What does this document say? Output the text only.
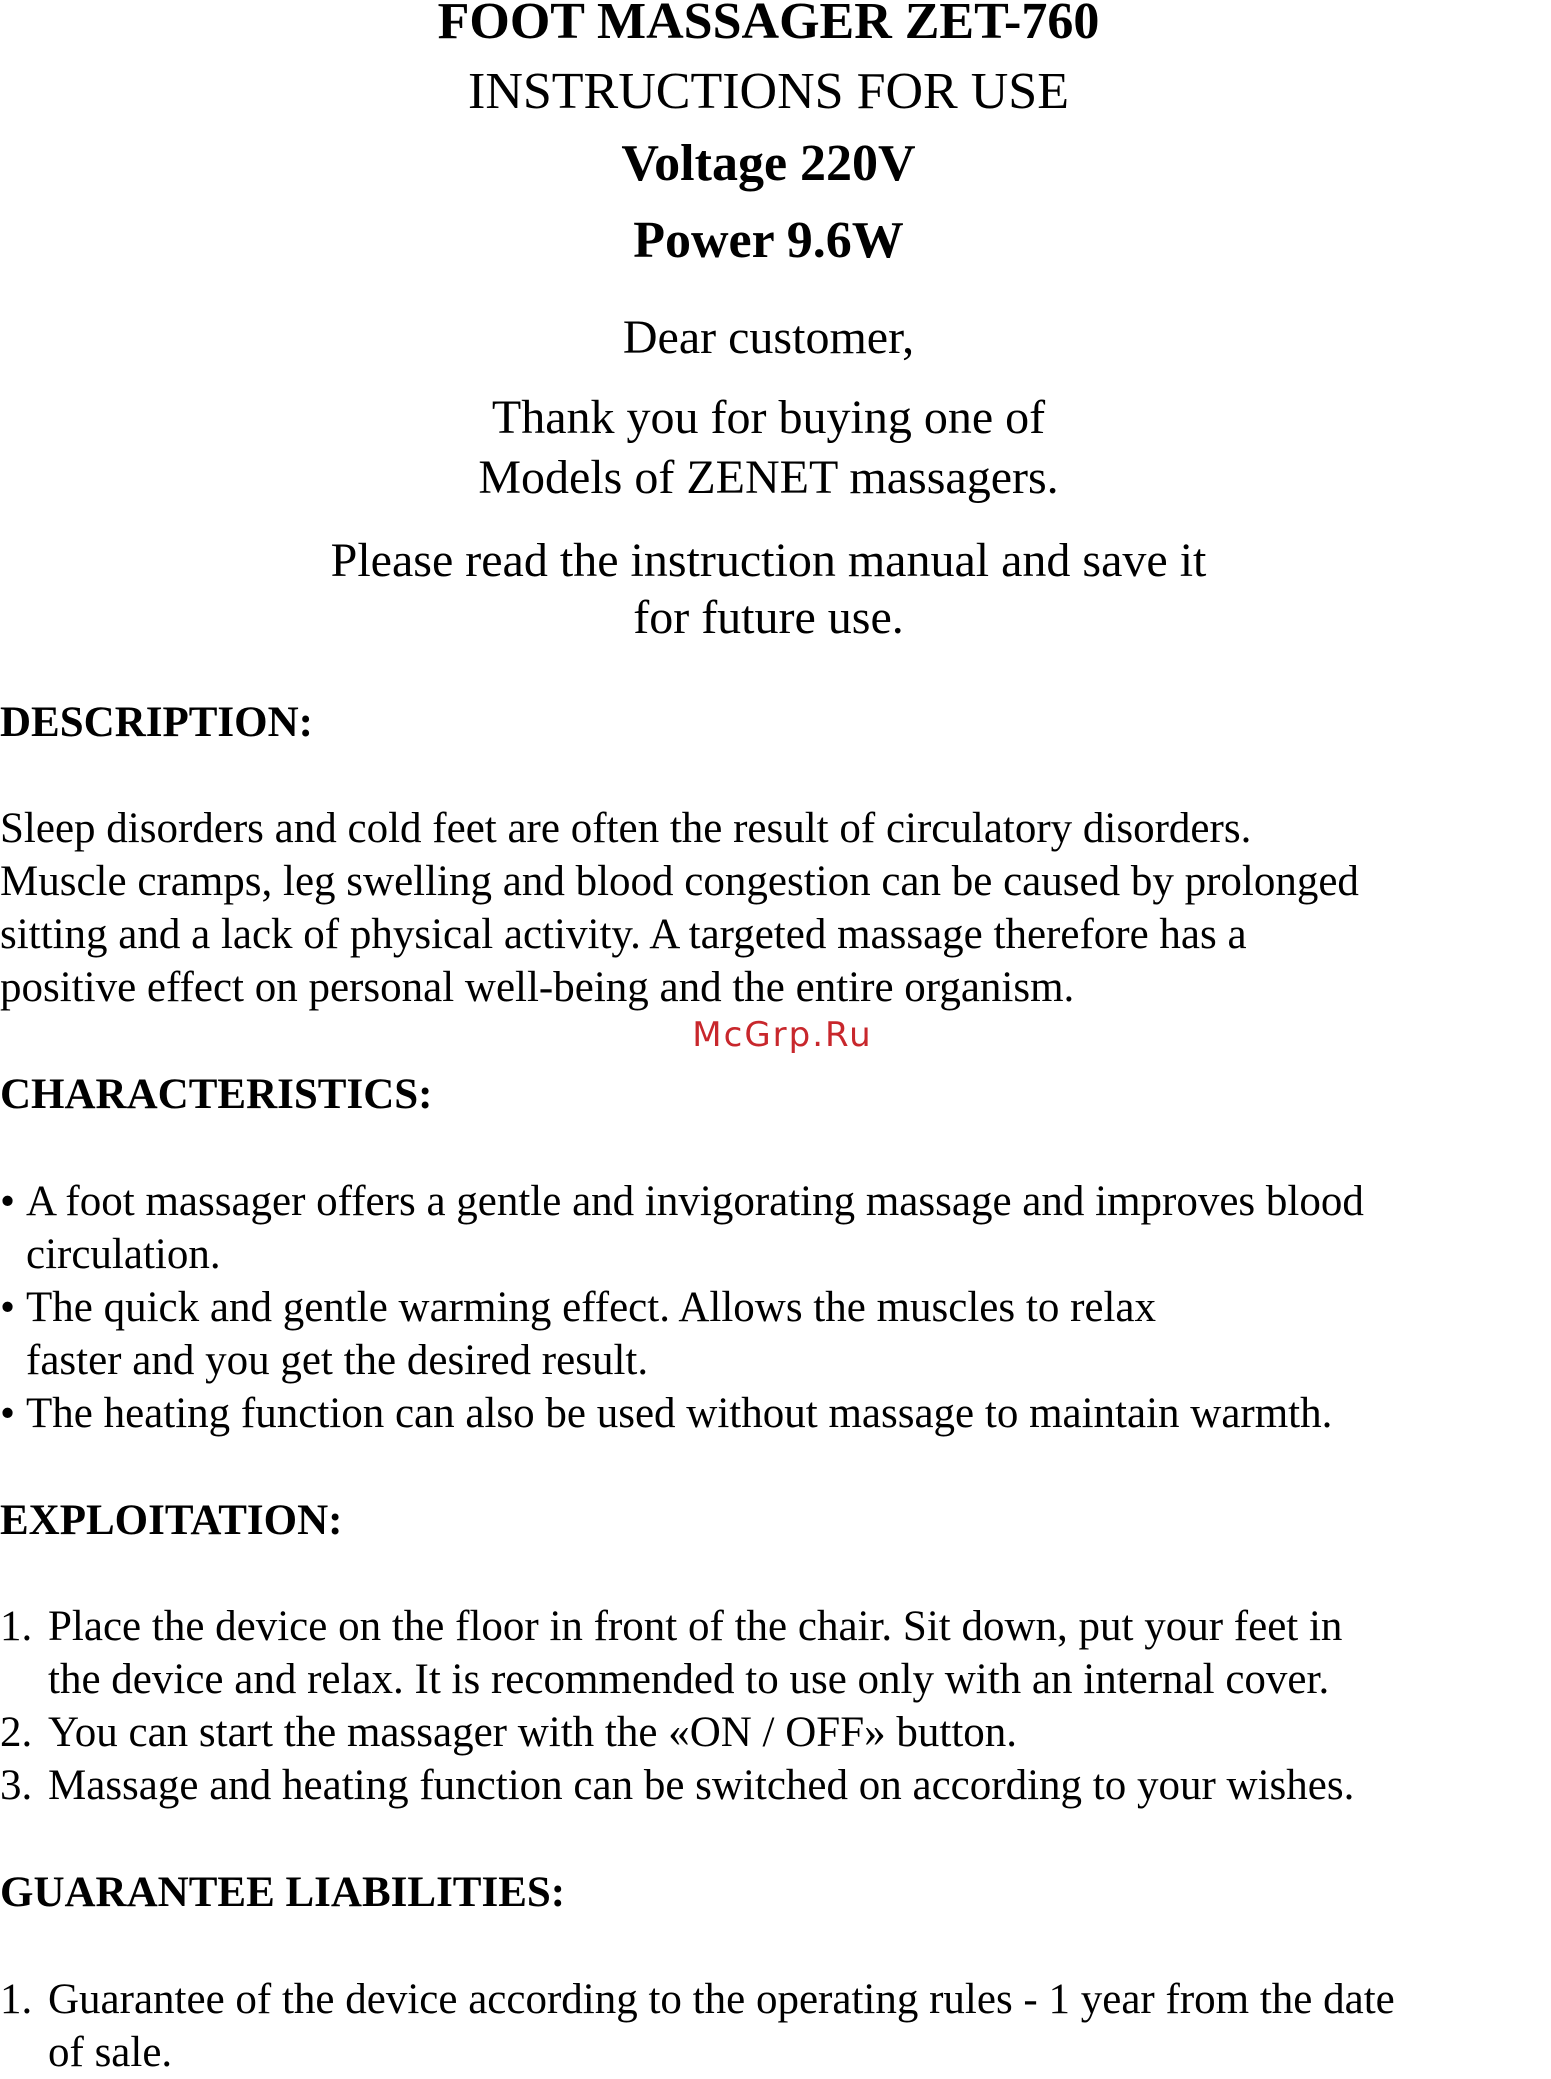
FOOT MASSAGER ZET-760
INSTRUCTIONS FOR USE
Voltage 220V
Power 9.6W
Dear customer,
Thank you for buying one of
Models of ZENET massagers.
Please read the instruction manual and save it
for future use.
DESCRIPTION:
Sleep disorders and cold feet are often the result of circulatory disorders.
Muscle cramps, leg swelling and blood congestion can be caused by prolonged
sitting and a lack of physical activity. A targeted massage therefore has a
positive effect on personal well-being and the entire organism.
McGrp.Ru
CHARACTERISTICS:
• A foot massager offers a gentle and invigorating massage and improves blood
circulation.
• The quick and gentle warming effect. Allows the muscles to relax
faster and you get the desired result.
• The heating function can also be used without massage to maintain warmth.
EXPLOITATION:
1. Place the device on the floor in front of the chair. Sit down, put your feet in
the device and relax. It is recommended to use only with an internal cover.
2. You can start the massager with the «ON / OFF» button.
3. Massage and heating function can be switched on according to your wishes.
GUARANTEE LIABILITIES:
1. Guarantee of the device according to the operating rules - 1 year from the date
of sale.
